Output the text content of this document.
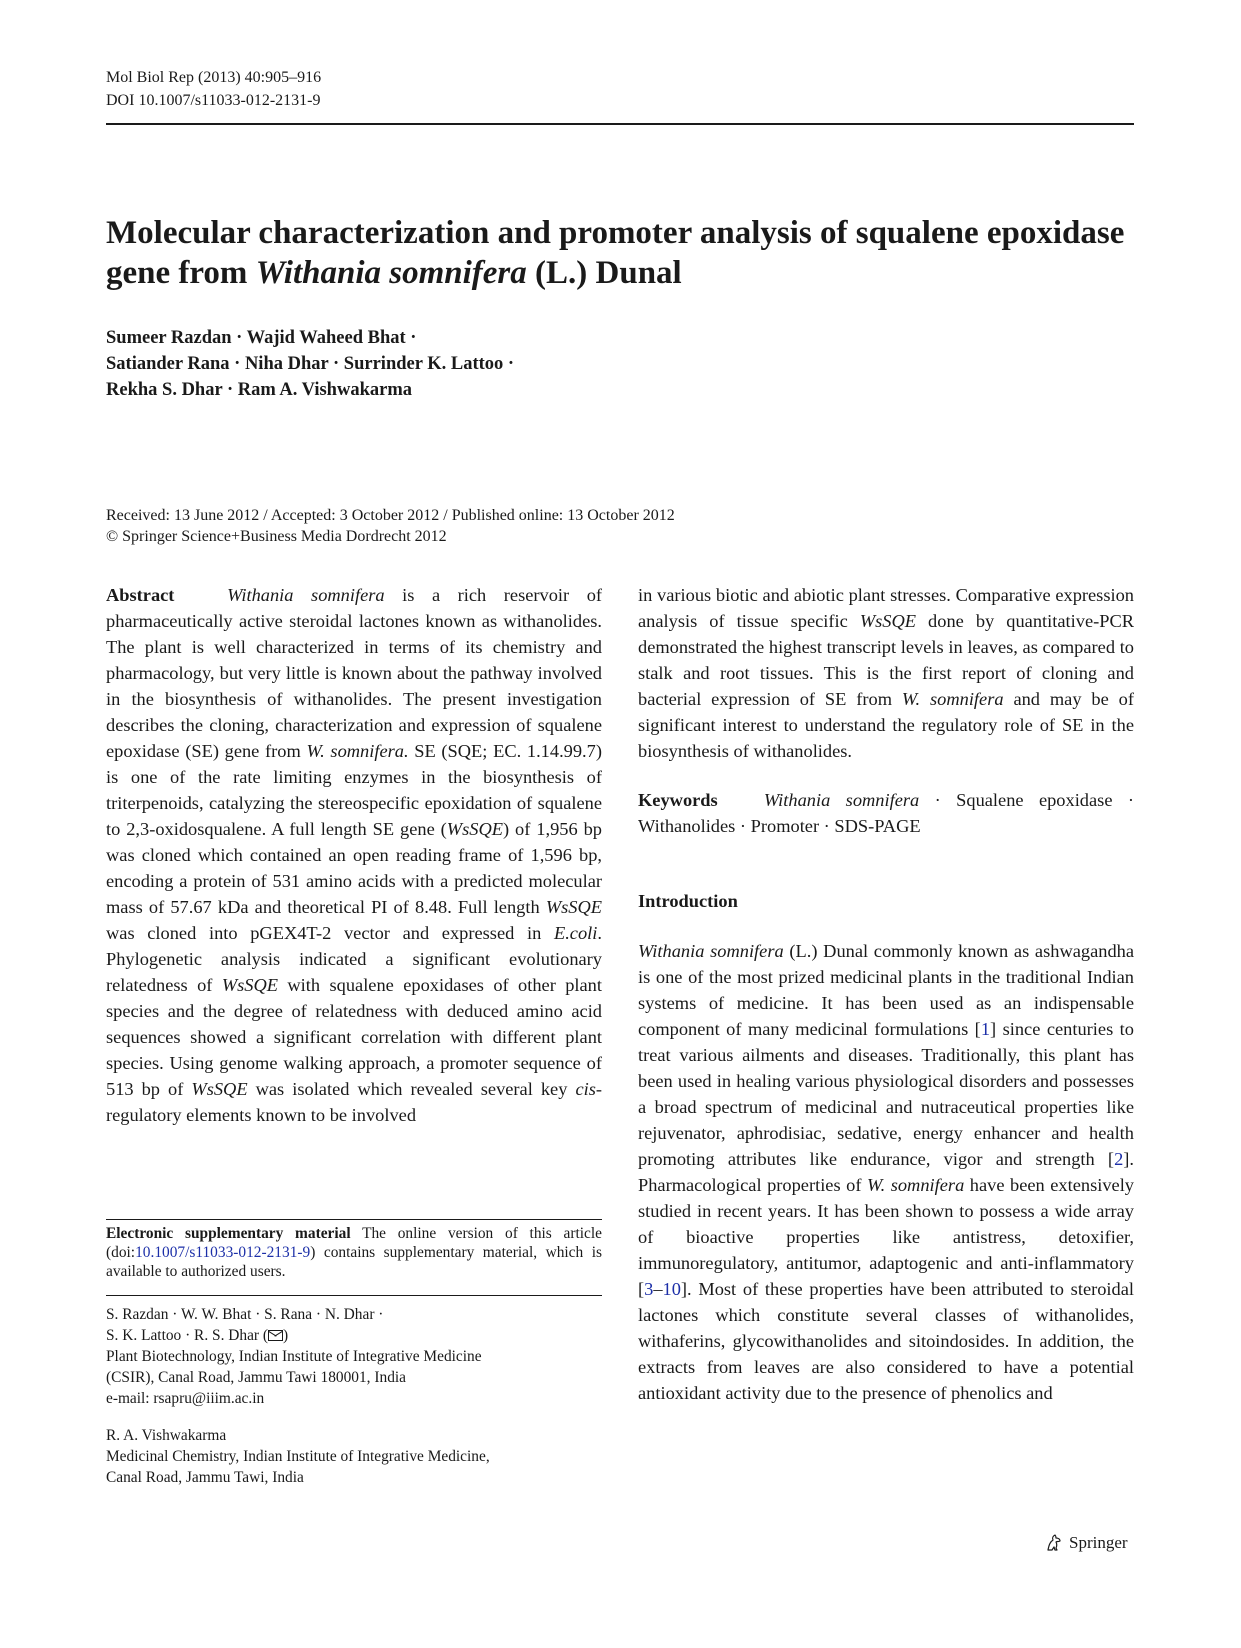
Mol Biol Rep (2013) 40:905–916
DOI 10.1007/s11033-012-2131-9
Molecular characterization and promoter analysis of squalene epoxidase gene from Withania somnifera (L.) Dunal
Sumeer Razdan · Wajid Waheed Bhat ·
Satiander Rana · Niha Dhar · Surrinder K. Lattoo ·
Rekha S. Dhar · Ram A. Vishwakarma
Received: 13 June 2012 / Accepted: 3 October 2012 / Published online: 13 October 2012
© Springer Science+Business Media Dordrecht 2012

Abstract	Withania somnifera is a rich reservoir of pharmaceutically active steroidal lactones known as withanolides. The plant is well characterized in terms of its chemistry and pharmacology, but very little is known about the pathway involved in the biosynthesis of withanolides. The present investigation describes the cloning, characterization and expression of squalene epoxidase (SE) gene from W. somnifera. SE (SQE; EC. 1.14.99.7) is one of the rate limiting enzymes in the biosynthesis of triterpenoids, catalyzing the stereospecific epoxidation of squalene to 2,3-oxidosqualene. A full length SE gene (WsSQE) of 1,956 bp was cloned which contained an open reading frame of 1,596 bp, encoding a protein of 531 amino acids with a predicted molecular mass of 57.67 kDa and theoretical PI of 8.48. Full length WsSQE was cloned into pGEX4T-2 vector and expressed in E.coli. Phylogenetic analysis indicated a significant evolutionary relatedness of WsSQE with squalene epoxidases of other plant species and the degree of relatedness with deduced amino acid sequences showed a significant correlation with different plant species. Using genome walking approach, a promoter sequence of 513 bp of WsSQE was isolated which revealed several key cis-regulatory elements known to be involved

Electronic supplementary material The online version of this article (doi:10.1007/s11033-012-2131-9) contains supplementary material, which is available to authorized users.

S. Razdan · W. W. Bhat · S. Rana · N. Dhar ·

S. K. Lattoo · R. S. Dhar ( )

Plant Biotechnology, Indian Institute of Integrative Medicine

(CSIR), Canal Road, Jammu Tawi 180001, India

e-mail: rsapru@iiim.ac.in

R. A. Vishwakarma

Medicinal Chemistry, Indian Institute of Integrative Medicine,

Canal Road, Jammu Tawi, India

in various biotic and abiotic plant stresses. Comparative expression analysis of tissue specific WsSQE done by quantitative-PCR demonstrated the highest transcript levels in leaves, as compared to stalk and root tissues. This is the first report of cloning and bacterial expression of SE from W. somnifera and may be of significant interest to understand the regulatory role of SE in the biosynthesis of withanolides.

Keywords	Withania somnifera · Squalene epoxidase · Withanolides · Promoter · SDS-PAGE

Introduction

Withania somnifera (L.) Dunal commonly known as ashwagandha is one of the most prized medicinal plants in the traditional Indian systems of medicine. It has been used as an indispensable component of many medicinal formulations [1] since centuries to treat various ailments and diseases. Traditionally, this plant has been used in healing various physiological disorders and possesses a broad spectrum of medicinal and nutraceutical properties like rejuvenator, aphrodisiac, sedative, energy enhancer and health promoting attributes like endurance, vigor and strength [2]. Pharmacological properties of W. somnifera have been extensively studied in recent years. It has been shown to possess a wide array of bioactive properties like antistress, detoxifier, immunoregulatory, antitumor, adaptogenic and anti-inflammatory [3–10]. Most of these properties have been attributed to steroidal lactones which constitute several classes of withanolides, withaferins, glycowithanolides and sitoindosides. In addition, the extracts from leaves are also considered to have a potential antioxidant activity due to the presence of phenolics and

Springer
